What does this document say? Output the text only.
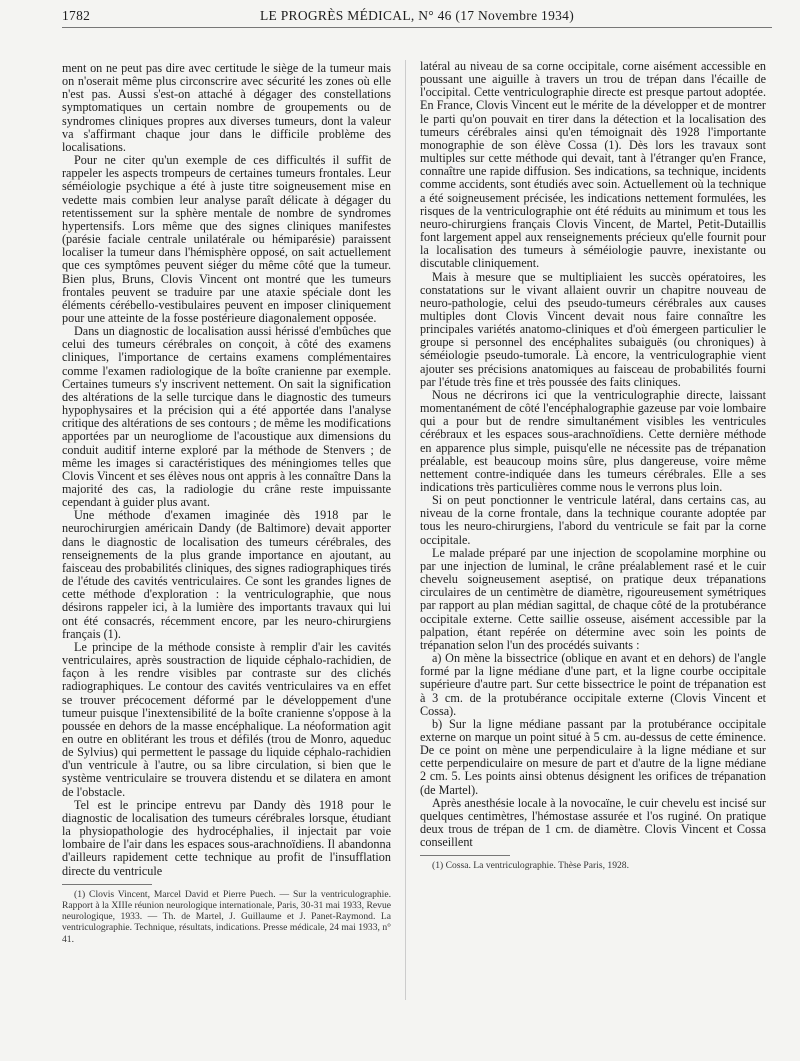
1782	LE PROGRÈS MÉDICAL, N° 46 (17 Novembre 1934)

ment on ne peut pas dire avec certitude le siège de la tumeur mais on n'oserait même plus circonscrire avec sécurité les zones où elle n'est pas. Aussi s'est-on attaché à dégager des constellations symptomatiques un certain nombre de groupements ou de syndromes cliniques propres aux diverses tumeurs, dont la valeur va s'affirmant chaque jour dans le difficile problème des localisations.

Pour ne citer qu'un exemple de ces difficultés il suffit de rappeler les aspects trompeurs de certaines tumeurs frontales. Leur séméiologie psychique a été à juste titre soigneusement mise en vedette mais combien leur analyse paraît délicate à dégager du retentissement sur la sphère mentale de nombre de syndromes hypertensifs. Lors même que des signes cliniques manifestes (parésie faciale centrale unilatérale ou hémiparésie) paraissent localiser la tumeur dans l'hémisphère opposé, on sait actuellement que ces symptômes peuvent siéger du même côté que la tumeur. Bien plus, Bruns, Clovis Vincent ont montré que les tumeurs frontales peuvent se traduire par une ataxie spéciale dont les éléments cérébello-vestibulaires peuvent en imposer cliniquement pour une atteinte de la fosse postérieure diagonalement opposée.

Dans un diagnostic de localisation aussi hérissé d'embûches que celui des tumeurs cérébrales on conçoit, à côté des examens cliniques, l'importance de certains examens complémentaires comme l'examen radiologique de la boîte cranienne par exemple. Certaines tumeurs s'y inscrivent nettement. On sait la signification des altérations de la selle turcique dans le diagnostic des tumeurs hypophysaires et la précision qui a été apportée dans l'analyse critique des altérations de ses contours ; de même les modifications apportées par un neurogliome de l'acoustique aux dimensions du conduit auditif interne exploré par la méthode de Stenvers ; de même les images si caractéristiques des méningiomes telles que Clovis Vincent et ses élèves nous ont appris à les connaître Dans la majorité des cas, la radiologie du crâne reste impuissante cependant à guider plus avant.

Une méthode d'examen imaginée dès 1918 par le neurochirurgien américain Dandy (de Baltimore) devait apporter dans le diagnostic de localisation des tumeurs cérébrales, des renseignements de la plus grande importance en ajoutant, au faisceau des probabilités cliniques, des signes radiographiques tirés de l'étude des cavités ventriculaires. Ce sont les grandes lignes de cette méthode d'exploration : la ventriculographie, que nous désirons rappeler ici, à la lumière des importants travaux qui lui ont été consacrés, récemment encore, par les neuro-chirurgiens français (1).

Le principe de la méthode consiste à remplir d'air les cavités ventriculaires, après soustraction de liquide céphalo-rachidien, de façon à les rendre visibles par contraste sur des clichés radiographiques. Le contour des cavités ventriculaires va en effet se trouver précocement déformé par le développement d'une tumeur puisque l'inextensibilité de la boîte cranienne s'oppose à la poussée en dehors de la masse encéphalique. La néoformation agit en outre en oblitérant les trous et défilés (trou de Monro, aqueduc de Sylvius) qui permettent le passage du liquide céphalo-rachidien d'un ventricule à l'autre, ou sa libre circulation, si bien que le système ventriculaire se trouvera distendu et se dilatera en amont de l'obstacle.

Tel est le principe entrevu par Dandy dès 1918 pour le diagnostic de localisation des tumeurs cérébrales lorsque, étudiant la physiopathologie des hydrocéphalies, il injectait par voie lombaire de l'air dans les espaces sous-arachnoïdiens. Il abandonna d'ailleurs rapidement cette technique au profit de l'insufflation directe du ventricule

(1) Clovis Vincent, Marcel David et Pierre Puech. — Sur la ventriculographie. Rapport à la XIIIe réunion neurologique internationale, Paris, 30-31 mai 1933, Revue neurologique, 1933. — Th. de Martel, J. Guillaume et J. Panet-Raymond. La ventriculographie. Technique, résultats, indications. Presse médicale, 24 mai 1933, n° 41.

latéral au niveau de sa corne occipitale, corne aisément accessible en poussant une aiguille à travers un trou de trépan dans l'écaille de l'occipital. Cette ventriculographie directe est presque partout adoptée. En France, Clovis Vincent eut le mérite de la développer et de montrer le parti qu'on pouvait en tirer dans la détection et la localisation des tumeurs cérébrales ainsi qu'en témoignait dès 1928 l'importante monographie de son élève Cossa (1). Dès lors les travaux sont multiples sur cette méthode qui devait, tant à l'étranger qu'en France, connaître une rapide diffusion. Ses indications, sa technique, incidents comme accidents, sont étudiés avec soin. Actuellement où la technique a été soigneusement précisée, les indications nettement formulées, les risques de la ventriculographie ont été réduits au minimum et tous les neuro-chirurgiens français Clovis Vincent, de Martel, Petit-Dutaillis font largement appel aux renseignements précieux qu'elle fournit pour la localisation des tumeurs à séméiologie pauvre, inexistante ou discutable cliniquement.

Mais à mesure que se multipliaient les succès opératoires, les constatations sur le vivant allaient ouvrir un chapitre nouveau de neuro-pathologie, celui des pseudo-tumeurs cérébrales aux causes multiples dont Clovis Vincent devait nous faire connaître les principales variétés anatomo-cliniques et d'où émergeen particulier le groupe si personnel des encéphalites subaiguës (ou chroniques) à séméiologie pseudo-tumorale. Là encore, la ventriculographie vient ajouter ses précisions anatomiques au faisceau de probabilités fourni par l'étude très fine et très poussée des faits cliniques.

Nous ne décrirons ici que la ventriculographie directe, laissant momentanément de côté l'encéphalographie gazeuse par voie lombaire qui a pour but de rendre simultanément visibles les ventricules cérébraux et les espaces sous-arachnoïdiens. Cette dernière méthode en apparence plus simple, puisqu'elle ne nécessite pas de trépanation préalable, est beaucoup moins sûre, plus dangereuse, voire même nettement contre-indiquée dans les tumeurs cérébrales. Elle a ses indications très particulières comme nous le verrons plus loin.

Si on peut ponctionner le ventricule latéral, dans certains cas, au niveau de la corne frontale, dans la technique courante adoptée par tous les neuro-chirurgiens, l'abord du ventricule se fait par la corne occipitale.

Le malade préparé par une injection de scopolamine morphine ou par une injection de luminal, le crâne préalablement rasé et le cuir chevelu soigneusement aseptisé, on pratique deux trépanations circulaires de un centimètre de diamètre, rigoureusement symétriques par rapport au plan médian sagittal, de chaque côté de la protubérance occipitale externe. Cette saillie osseuse, aisément accessible par la palpation, étant repérée on détermine avec soin les points de trépanation selon l'un des procédés suivants :

a) On mène la bissectrice (oblique en avant et en dehors) de l'angle formé par la ligne médiane d'une part, et la ligne courbe occipitale supérieure d'autre part. Sur cette bissectrice le point de trépanation est à 3 cm. de la protubérance occipitale externe (Clovis Vincent et Cossa).

b) Sur la ligne médiane passant par la protubérance occipitale externe on marque un point situé à 5 cm. au-dessus de cette éminence. De ce point on mène une perpendiculaire à la ligne médiane et sur cette perpendiculaire on mesure de part et d'autre de la ligne médiane 2 cm. 5. Les points ainsi obtenus désignent les orifices de trépanation (de Martel).

Après anesthésie locale à la novocaïne, le cuir chevelu est incisé sur quelques centimètres, l'hémostase assurée et l'os ruginé. On pratique deux trous de trépan de 1 cm. de diamètre. Clovis Vincent et Cossa conseillent

(1) Cossa. La ventriculographie. Thèse Paris, 1928.
